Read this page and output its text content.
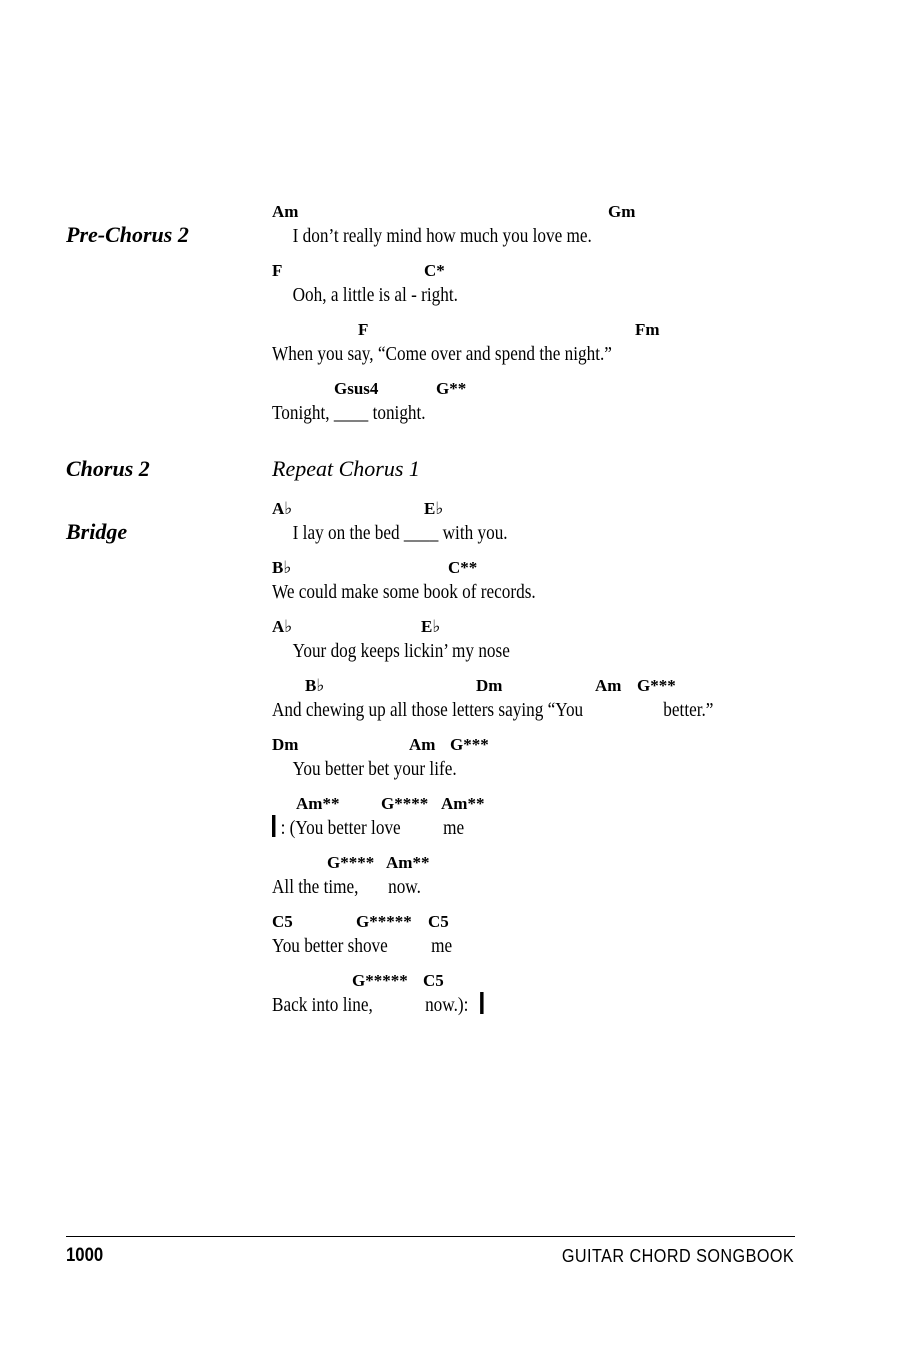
Pre-Chorus 2
Chorus 2
Bridge
Am	Gm
I don’t really mind how much you love me.
F	C*
Ooh, a little is al - right.
F	Fm
When you say, “Come over and spend the night.”
Gsus4	G**
Tonight, ____ tonight.
Repeat Chorus 1
A♭	E♭
I lay on the bed ____ with you.
B♭	C**
We could make some book of records.
A♭	E♭
Your dog keeps lickin’ my nose
B♭	Dm	Am G***
And chewing up all those letters saying “You	better.”
Dm	Am G***
You better bet your life.
Am** G**** Am**
: (You better love me
G**** Am**
All the time, now.
C5	G***** C5
You better shove me
G***** C5
Back into line,	now.):
1000	GUITAR CHORD SONGBOOK
